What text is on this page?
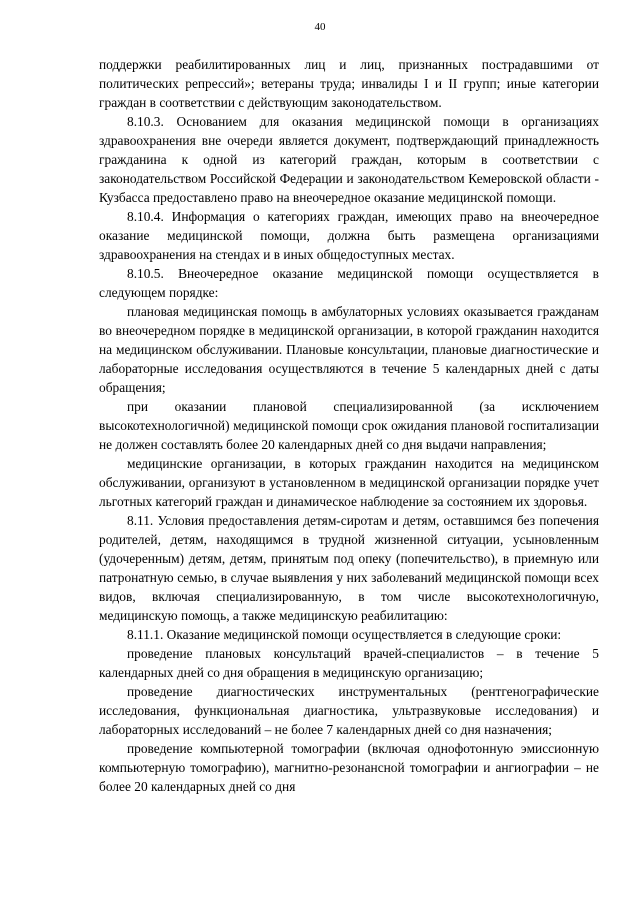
40

поддержки реабилитированных лиц и лиц, признанных пострадавшими от политических репрессий»; ветераны труда; инвалиды I и II групп; иные категории граждан в соответствии с действующим законодательством.

8.10.3. Основанием для оказания медицинской помощи в организациях здравоохранения вне очереди является документ, подтверждающий принадлежность гражданина к одной из категорий граждан, которым в соответствии с законодательством Российской Федерации и законодательством Кемеровской области - Кузбасса предоставлено право на внеочередное оказание медицинской помощи.

8.10.4. Информация о категориях граждан, имеющих право на внеочередное оказание медицинской помощи, должна быть размещена организациями здравоохранения на стендах и в иных общедоступных местах.

8.10.5. Внеочередное оказание медицинской помощи осуществляется в следующем порядке:

плановая медицинская помощь в амбулаторных условиях оказывается гражданам во внеочередном порядке в медицинской организации, в которой гражданин находится на медицинском обслуживании. Плановые консультации, плановые диагностические и лабораторные исследования осуществляются в течение 5 календарных дней с даты обращения;

при оказании плановой специализированной (за исключением высокотехнологичной) медицинской помощи срок ожидания плановой госпитализации не должен составлять более 20 календарных дней со дня выдачи направления;

медицинские организации, в которых гражданин находится на медицинском обслуживании, организуют в установленном в медицинской организации порядке учет льготных категорий граждан и динамическое наблюдение за состоянием их здоровья.

8.11. Условия предоставления детям-сиротам и детям, оставшимся без попечения родителей, детям, находящимся в трудной жизненной ситуации, усыновленным (удочеренным) детям, детям, принятым под опеку (попечительство), в приемную или патронатную семью, в случае выявления у них заболеваний медицинской помощи всех видов, включая специализированную, в том числе высокотехнологичную, медицинскую помощь, а также медицинскую реабилитацию:

8.11.1. Оказание медицинской помощи осуществляется в следующие сроки:

проведение плановых консультаций врачей-специалистов – в течение 5 календарных дней со дня обращения в медицинскую организацию;

проведение диагностических инструментальных (рентгенографические исследования, функциональная диагностика, ультразвуковые исследования) и лабораторных исследований – не более 7 календарных дней со дня назначения;

проведение компьютерной томографии (включая однофотонную эмиссионную компьютерную томографию), магнитно-резонансной томографии и ангиографии – не более 20 календарных дней со дня
